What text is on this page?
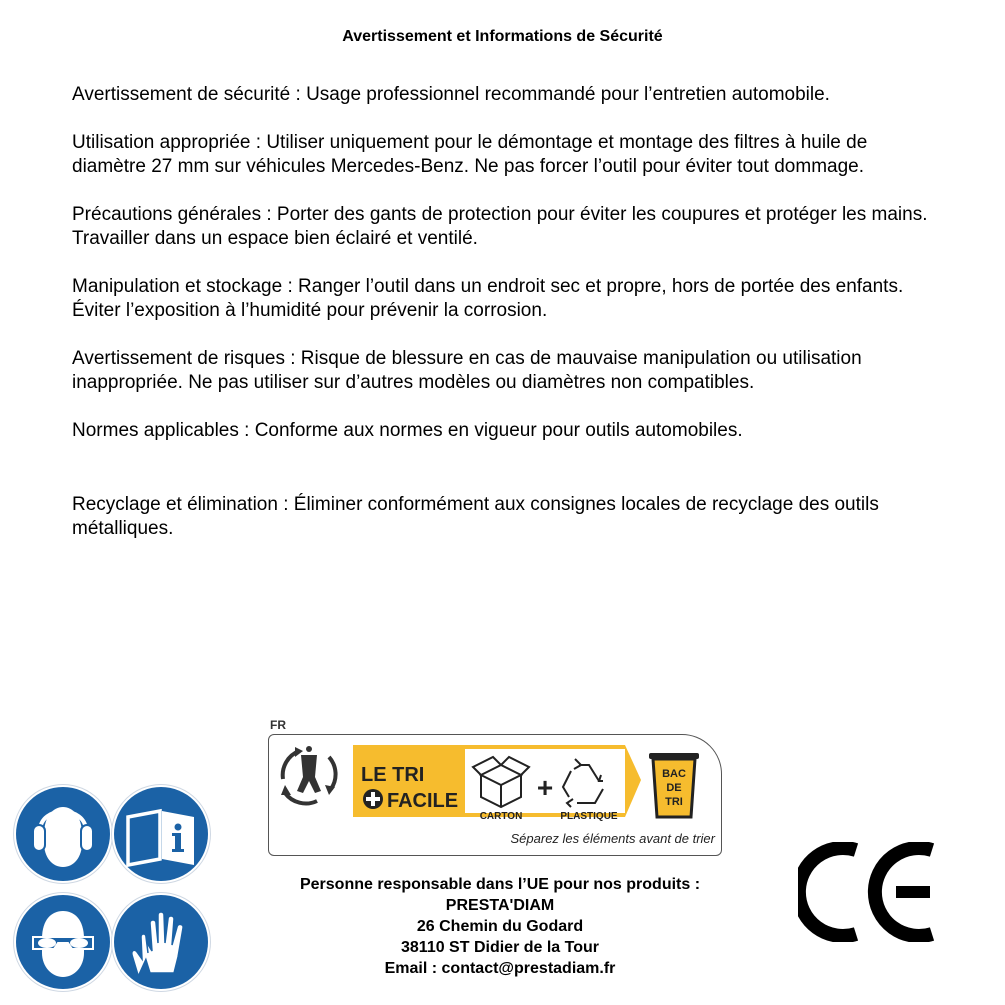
Avertissement et Informations de Sécurité

Avertissement de sécurité : Usage professionnel recommandé pour l’entretien automobile.

Utilisation appropriée : Utiliser uniquement pour le démontage et montage des filtres à huile de diamètre 27 mm sur véhicules Mercedes-Benz. Ne pas forcer l’outil pour éviter tout dommage.

Précautions générales : Porter des gants de protection pour éviter les coupures et protéger les mains. Travailler dans un espace bien éclairé et ventilé.

Manipulation et stockage : Ranger l’outil dans un endroit sec et propre, hors de portée des enfants. Éviter l’exposition à l’humidité pour prévenir la corrosion.

Avertissement de risques : Risque de blessure en cas de mauvaise manipulation ou utilisation inappropriée. Ne pas utiliser sur d’autres modèles ou diamètres non compatibles.

Normes applicables : Conforme aux normes en vigueur pour outils automobiles.

Recyclage et élimination : Éliminer conformément aux consignes locales de recyclage des outils métalliques.

FR
LE TRI
FACILE
CARTON
+
PLASTIQUE
BAC
DE
TRI
Séparez les éléments avant de trier
Personne responsable dans l’UE pour nos produits :
PRESTA'DIAM
26 Chemin du Godard
38110 ST Didier de la Tour
Email : contact@prestadiam.fr
